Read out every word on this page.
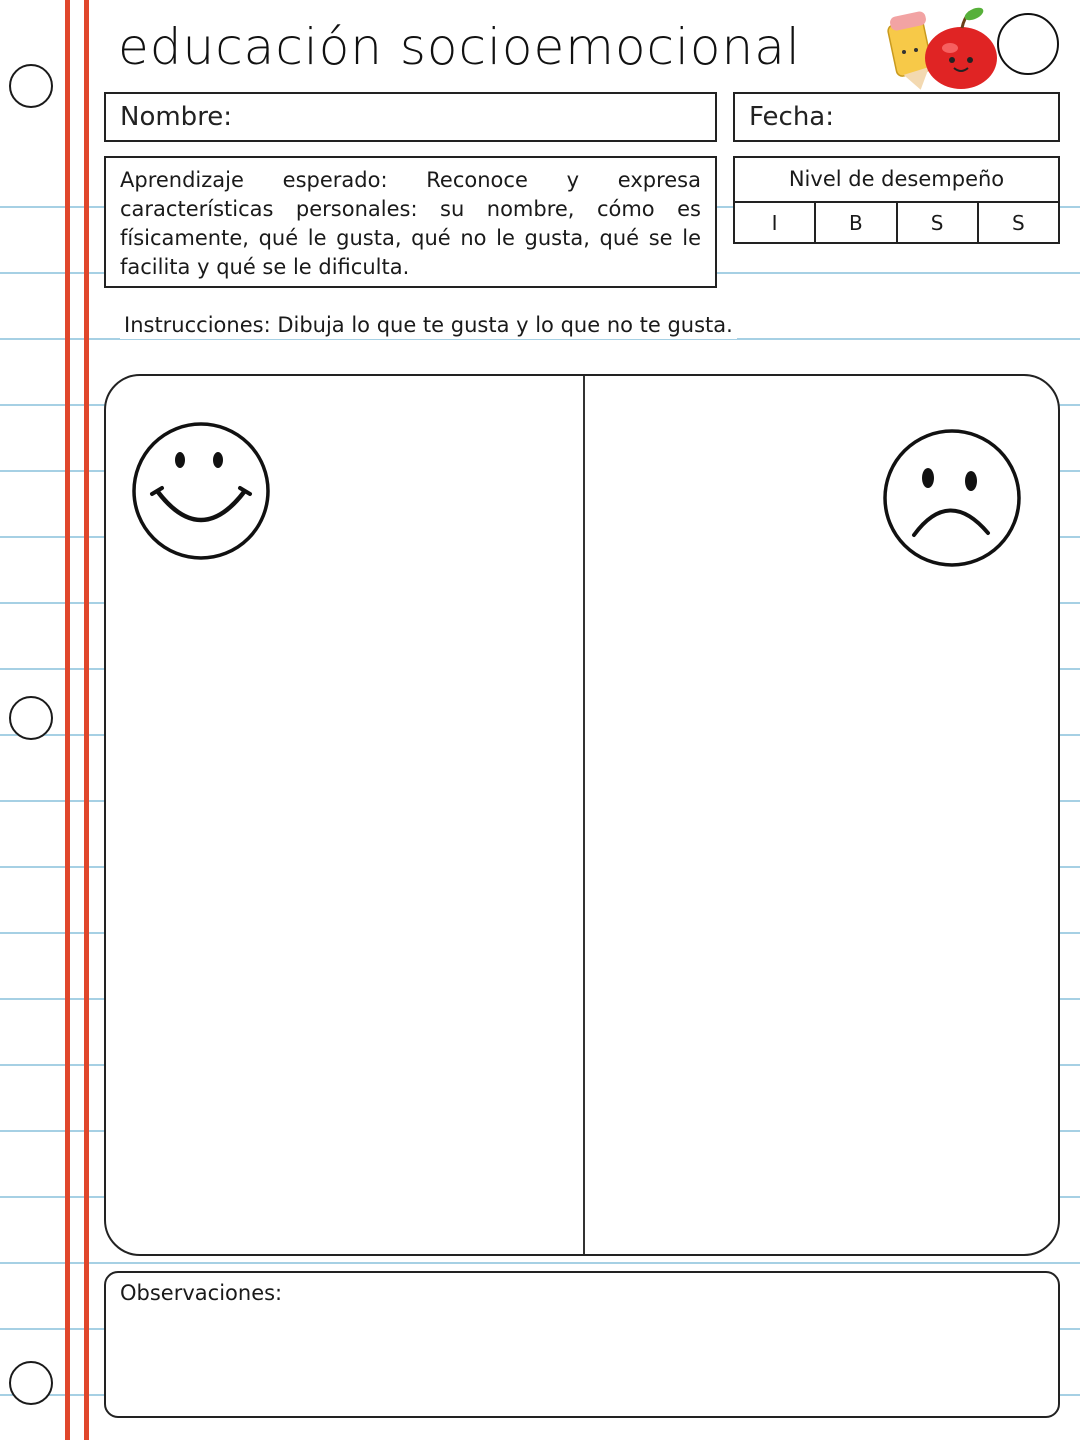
educación socioemocional
Nombre:	Fecha:
Aprendizaje esperado: Reconoce y expresa características personales: su nombre, cómo es físicamente, qué le gusta, qué no le gusta, qué se le facilita y qué se le dificulta.
Nivel de desempeño
I	B	S	S
Instrucciones: Dibuja lo que te gusta y lo que no te gusta.
Observaciones:
